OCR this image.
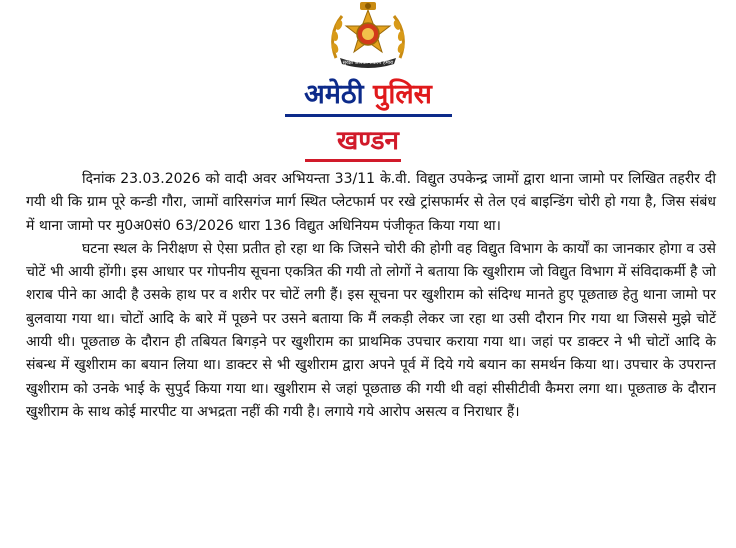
सुरक्षा आपकी संकल्प हमारा
अमेठी पुलिस
खण्डन

दिनांक 23.03.2026 को वादी अवर अभियन्ता 33/11 के.वी. विद्युत उपकेन्द्र जामों द्वारा थाना जामो पर लिखित तहरीर दी गयी थी कि ग्राम पूरे कन्डी गौरा, जामों वारिसगंज मार्ग स्थित प्लेटफार्म पर रखे ट्रांसफार्मर से तेल एवं बाइन्डिंग चोरी हो गया है, जिस संबंध में थाना जामो पर मु0अ0सं0 63/2026 धारा 136 विद्युत अधिनियम पंजीकृत किया गया था।

घटना स्थल के निरीक्षण से ऐसा प्रतीत हो रहा था कि जिसने चोरी की होगी वह विद्युत विभाग के कार्यों का जानकार होगा व उसे चोटें भी आयी होंगी। इस आधार पर गोपनीय सूचना एकत्रित की गयी तो लोगों ने बताया कि खुशीराम जो विद्युत विभाग में संविदाकर्मी है जो शराब पीने का आदी है उसके हाथ पर व शरीर पर चोटें लगी हैं। इस सूचना पर खुशीराम को संदिग्ध मानते हुए पूछताछ हेतु थाना जामो पर बुलवाया गया था। चोटों आदि के बारे में पूछने पर उसने बताया कि मैं लकड़ी लेकर जा रहा था उसी दौरान गिर गया था जिससे मुझे चोटें आयी थी। पूछताछ के दौरान ही तबियत बिगड़ने पर खुशीराम का प्राथमिक उपचार कराया गया था। जहां पर डाक्टर ने भी चोटों आदि के संबन्ध में खुशीराम का बयान लिया था। डाक्टर से भी खुशीराम द्वारा अपने पूर्व में दिये गये बयान का समर्थन किया था। उपचार के उपरान्त खुशीराम को उनके भाई के सुपुर्द किया गया था। खुशीराम से जहां पूछताछ की गयी थी वहां सीसीटीवी कैमरा लगा था। पूछताछ के दौरान खुशीराम के साथ कोई मारपीट या अभद्रता नहीं की गयी है। लगाये गये आरोप असत्य व निराधार हैं।
